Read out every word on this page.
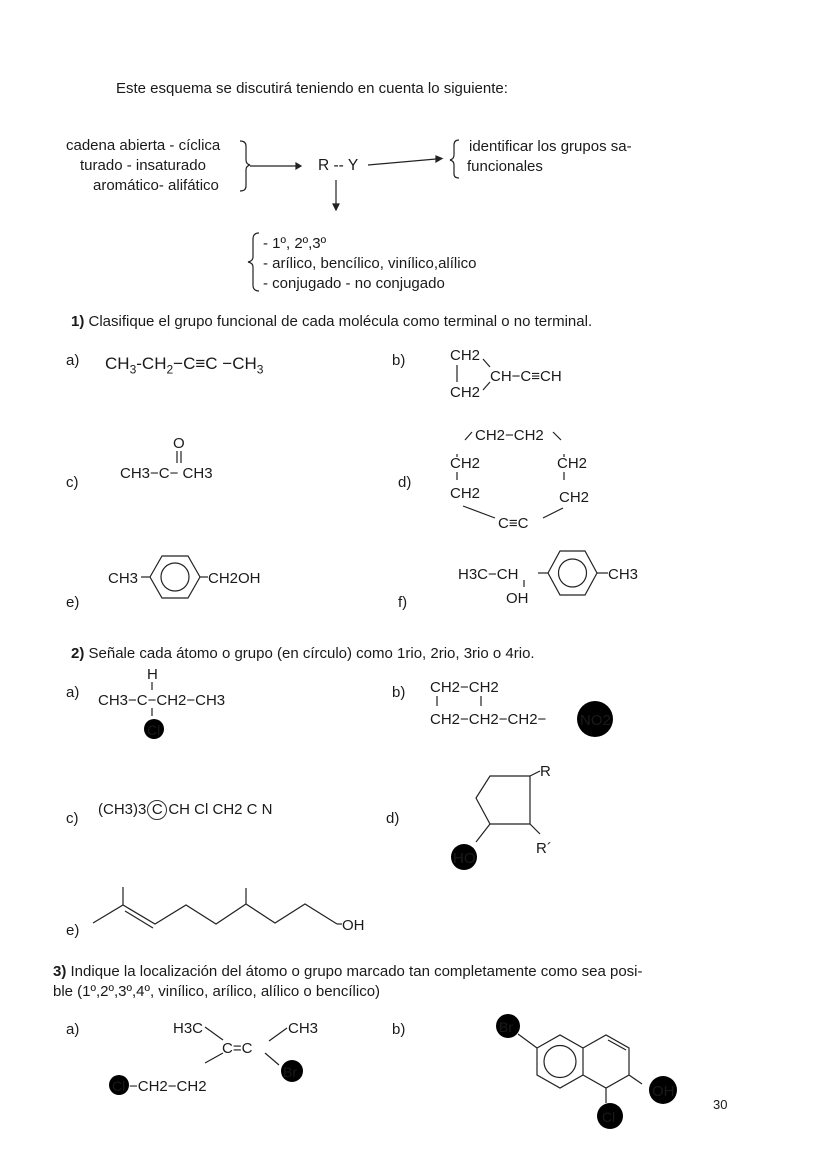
Este esquema se discutirá teniendo en cuenta lo siguiente:
cadena abierta - cíclica
turado - insaturado
aromático- alifático
R -- Y
identificar los grupos sa-
funcionales
- 1º, 2º,3º
- arílico, bencílico, vinílico,alílico
- conjugado - no conjugado
1) Clasifique el grupo funcional de cada molécula como terminal o no terminal.
a) $CH_3-CH_2-C\equiv C -CH_3$
b)	CH2
CH2
CH−C≡CH
c)
O
CH3−C− CH3
d)
CH2−CH2
CH2
CH2
CH2
CH2
C≡C
e)
CH3	CH2OH
f)
H3C−CH
OH
CH3
2) Señale cada átomo o grupo (en círculo) como 1rio, 2rio, 3rio o 4rio.
a)
H
CH3−C−CH2−CH3
Cl
b) CH2−CH2
CH2−CH2−CH2− NO2
c)
(CH3)3 C CH Cl CH2 C N
d)
R
R´
HO
e)	OH
3) Indique la localización del átomo o grupo marcado tan completamente como sea posi-
ble (1º,2º,3º,4º, vinílico, arílico, alílico o bencílico)
a)	H3C	CH3
C=C
Br
Cl −CH2−CH2
b)	Br
OH
Cl
30
